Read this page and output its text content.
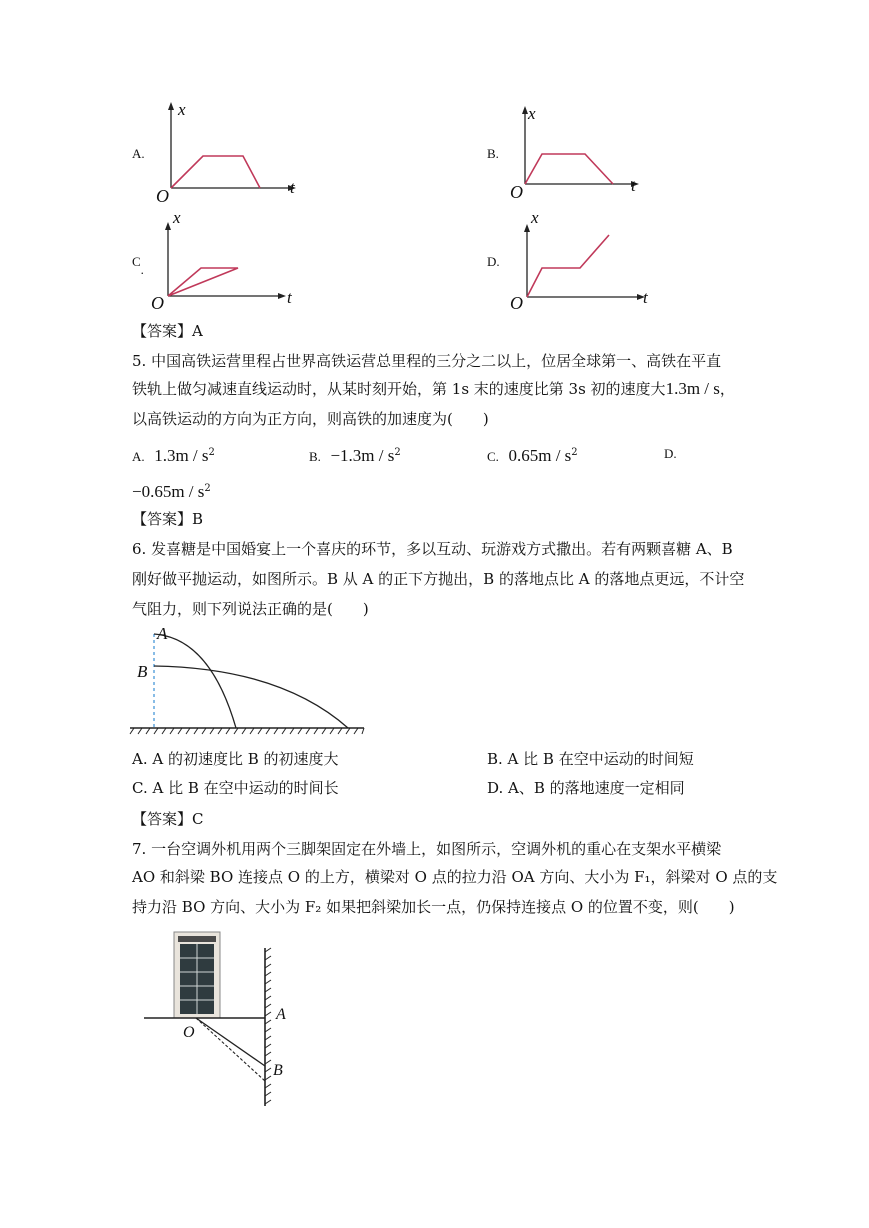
A.
x
t
O
B.
x
t
O
C.
x
t
O
D.
x
t
O
【答案】A
5. 中国高铁运营里程占世界高铁运营总里程的三分之二以上，位居全球第一、高铁在平直
铁轨上做匀减速直线运动时，从某时刻开始，第 1s 末的速度比第 3s 初的速度大1.3m / s，
以高铁运动的方向为正方向，则高铁的加速度为(　　)
A. $1.3m / s^2$	B. $-1.3m / s^2$	C. $0.65m / s^2$	D.
$-0.65m / s^2$
【答案】B
6. 发喜糖是中国婚宴上一个喜庆的环节，多以互动、玩游戏方式撒出。若有两颗喜糖 A、B
刚好做平抛运动，如图所示。B 从 A 的正下方抛出，B 的落地点比 A 的落地点更远，不计空
气阻力，则下列说法正确的是(　　)
A
B
A. A 的初速度比 B 的初速度大	B. A 比 B 在空中运动的时间短
C. A 比 B 在空中运动的时间长	D. A、B 的落地速度一定相同
【答案】C
7. 一台空调外机用两个三脚架固定在外墙上，如图所示，空调外机的重心在支架水平横梁
AO 和斜梁 BO 连接点 O 的上方，横梁对 O 点的拉力沿 OA 方向、大小为 F₁，斜梁对 O 点的支
持力沿 BO 方向、大小为 F₂ 如果把斜梁加长一点，仍保持连接点 O 的位置不变，则(　　)
O
A
B
